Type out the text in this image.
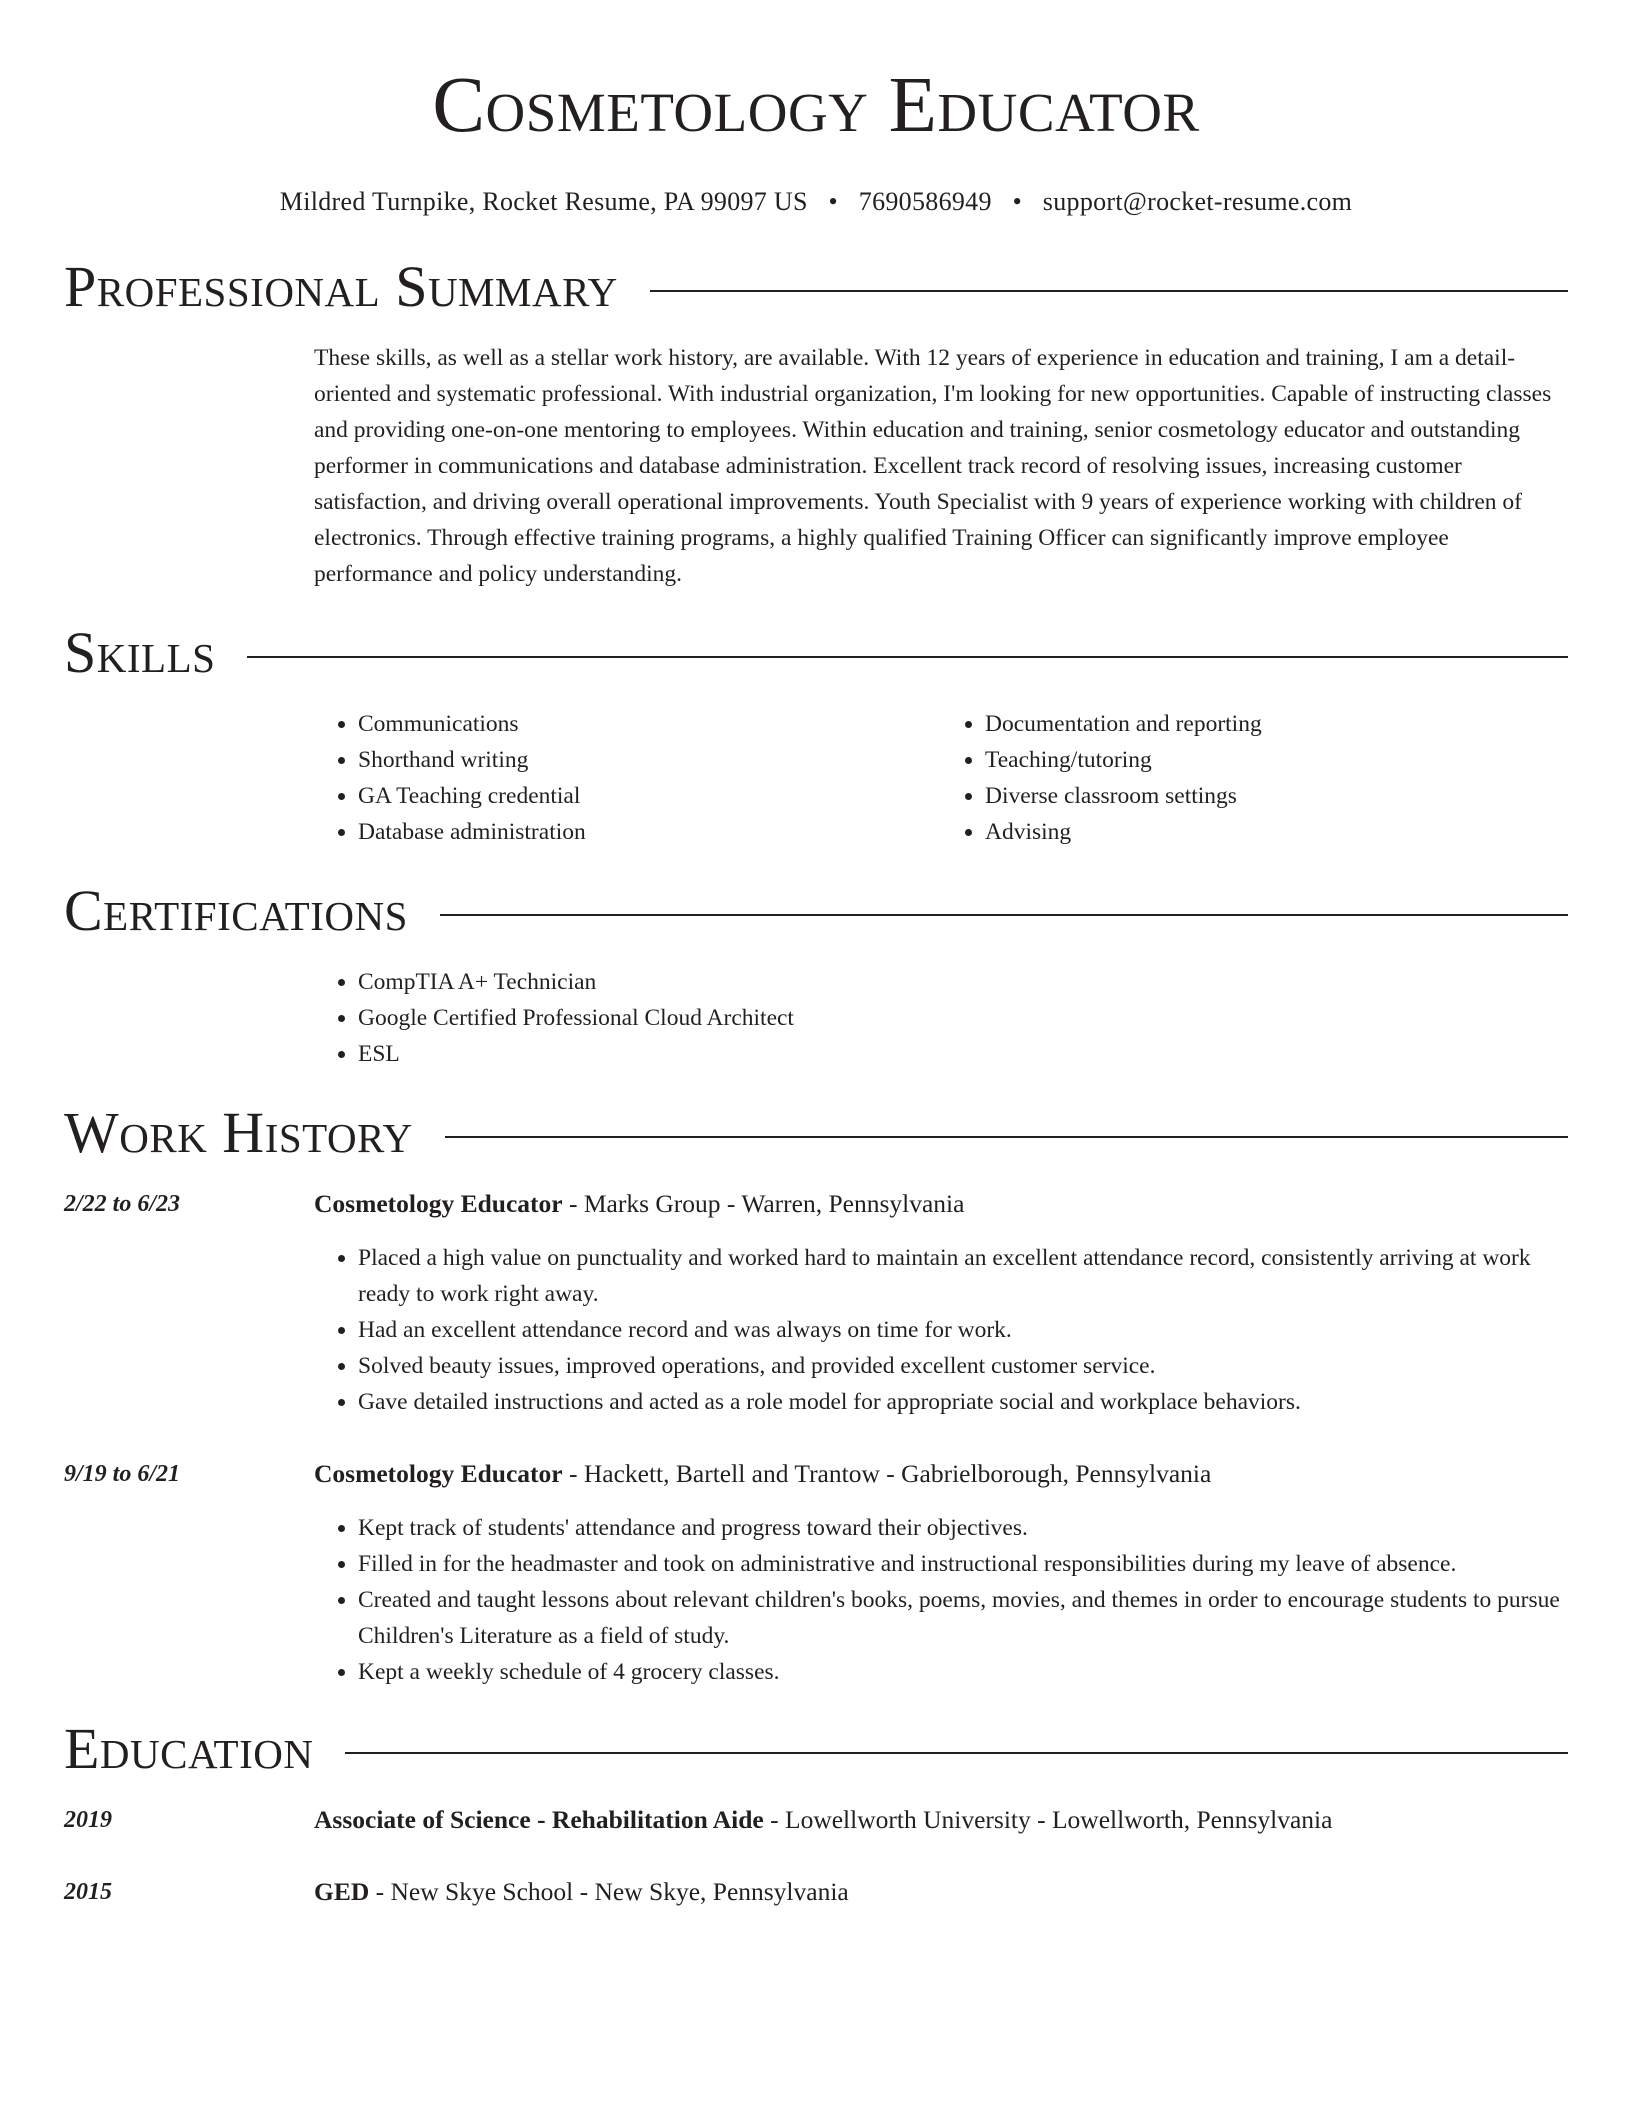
Cosmetology Educator
Mildred Turnpike, Rocket Resume, PA 99097 US • 7690586949 • support@rocket-resume.com
Professional Summary

These skills, as well as a stellar work history, are available. With 12 years of experience in education and training, I am a detail-oriented and systematic professional. With industrial organization, I'm looking for new opportunities. Capable of instructing classes and providing one-on-one mentoring to employees. Within education and training, senior cosmetology educator and outstanding performer in communications and database administration. Excellent track record of resolving issues, increasing customer satisfaction, and driving overall operational improvements. Youth Specialist with 9 years of experience working with children of electronics. Through effective training programs, a highly qualified Training Officer can significantly improve employee performance and policy understanding.

Skills
• Communications
• Shorthand writing
• GA Teaching credential
• Database administration
• Documentation and reporting
• Teaching/tutoring
• Diverse classroom settings
• Advising
Certifications
• CompTIA A+ Technician
• Google Certified Professional Cloud Architect
• ESL
Work History
2/22 to 6/23	Cosmetology Educator - Marks Group - Warren, Pennsylvania
• Placed a high value on punctuality and worked hard to maintain an excellent attendance record, consistently arriving at work ready to work right away.
• Had an excellent attendance record and was always on time for work.
• Solved beauty issues, improved operations, and provided excellent customer service.
• Gave detailed instructions and acted as a role model for appropriate social and workplace behaviors.
9/19 to 6/21	Cosmetology Educator - Hackett, Bartell and Trantow - Gabrielborough, Pennsylvania
• Kept track of students' attendance and progress toward their objectives.
• Filled in for the headmaster and took on administrative and instructional responsibilities during my leave of absence.
• Created and taught lessons about relevant children's books, poems, movies, and themes in order to encourage students to pursue Children's Literature as a field of study.
• Kept a weekly schedule of 4 grocery classes.
Education
2019	Associate of Science - Rehabilitation Aide - Lowellworth University - Lowellworth, Pennsylvania
2015	GED - New Skye School - New Skye, Pennsylvania
